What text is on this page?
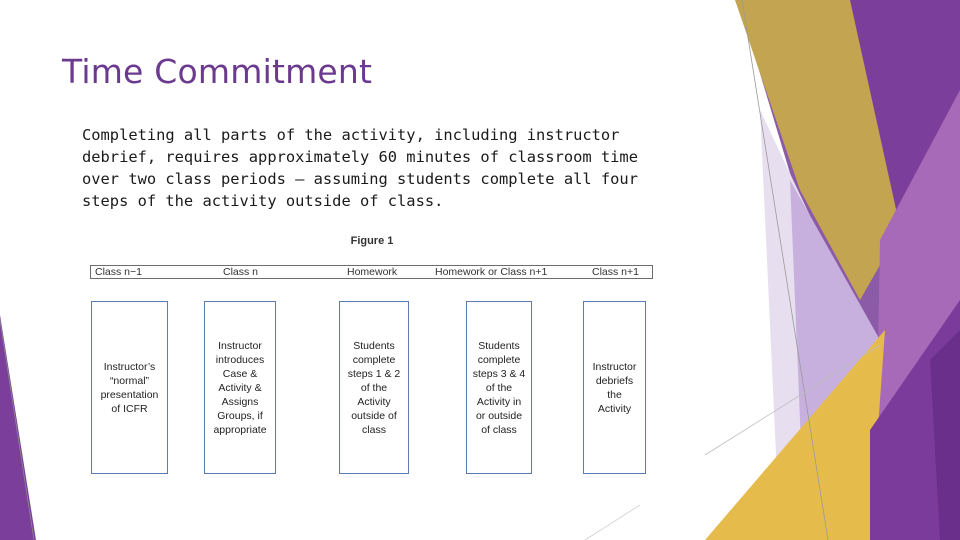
Time Commitment
Completing all parts of the activity, including instructor debrief, requires approximately 60 minutes of classroom time over two class periods – assuming students complete all four steps of the activity outside of class.
Figure 1
Class n−1	Class n	Homework	Homework or Class n+1	Class n+1
Instructor’s
“normal”
presentation
of ICFR
Instructor
introduces
Case &
Activity &
Assigns
Groups, if
appropriate
Students
complete
steps 1 & 2
of the
Activity
outside of
class
Students
complete
steps 3 & 4
of the
Activity in
or outside
of class
Instructor
debriefs
the
Activity
